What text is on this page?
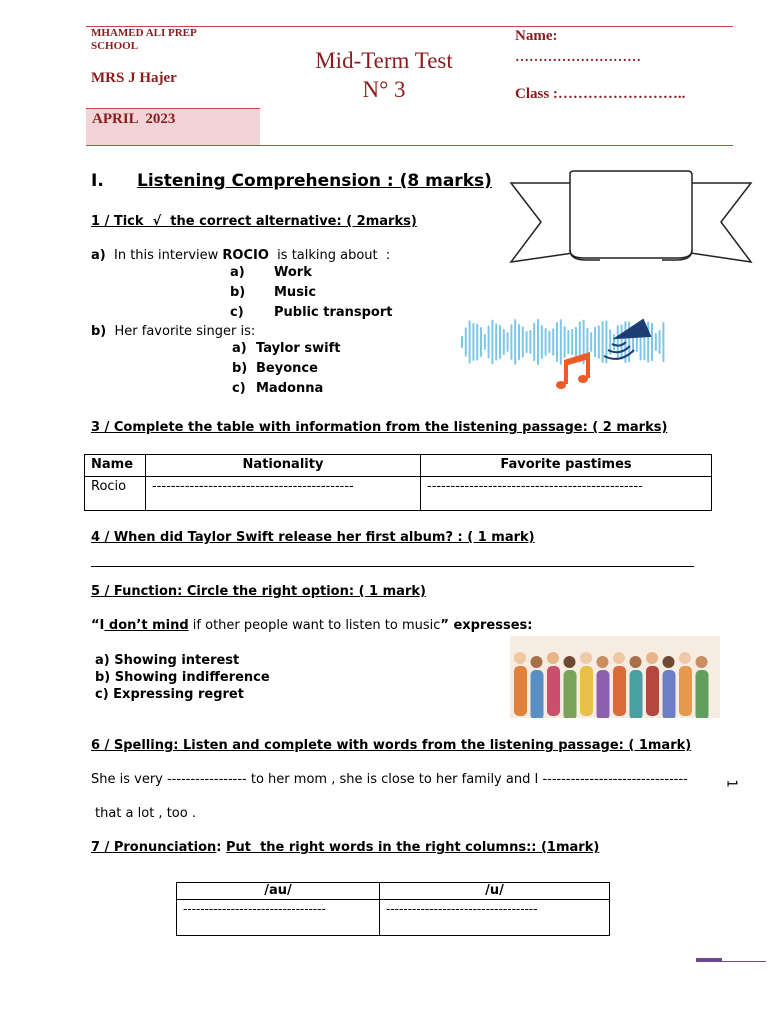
MHAMED ALI PREP SCHOOL
MRS J Hajer
APRIL  2023
Mid-Term Test
N° 3
Name:
………………………
Class :……………………..
I. Listening Comprehension : (8 marks)
1 / Tick  √  the correct alternative: ( 2marks)
a) In this interview ROCIO  is talking about  :
a) Work
b) Music
c) Public transport
b) Her favorite singer is:
a) Taylor swift
b) Beyonce
c) Madonna
3 / Complete the table with information from the listening passage: ( 2 marks)
Name	Nationality	Favorite pastimes
Rocio	-------------------------------------------	----------------------------------------------
4 / When did Taylor Swift release her first album? : ( 1 mark)
5 / Function: Circle the right option: ( 1 mark)
“I don’t mind if other people want to listen to music” expresses:
a) Showing interest
b) Showing indifference
c) Expressing regret
6 / Spelling: Listen and complete with words from the listening passage: ( 1mark)
She is very ----------------- to her mom , she is close to her family and I -------------------------------
that a lot , too .
1
7 / Pronunciation: Put  the right words in the right columns:: (1mark)
/au/	/u/
---------------------------------	-----------------------------------
